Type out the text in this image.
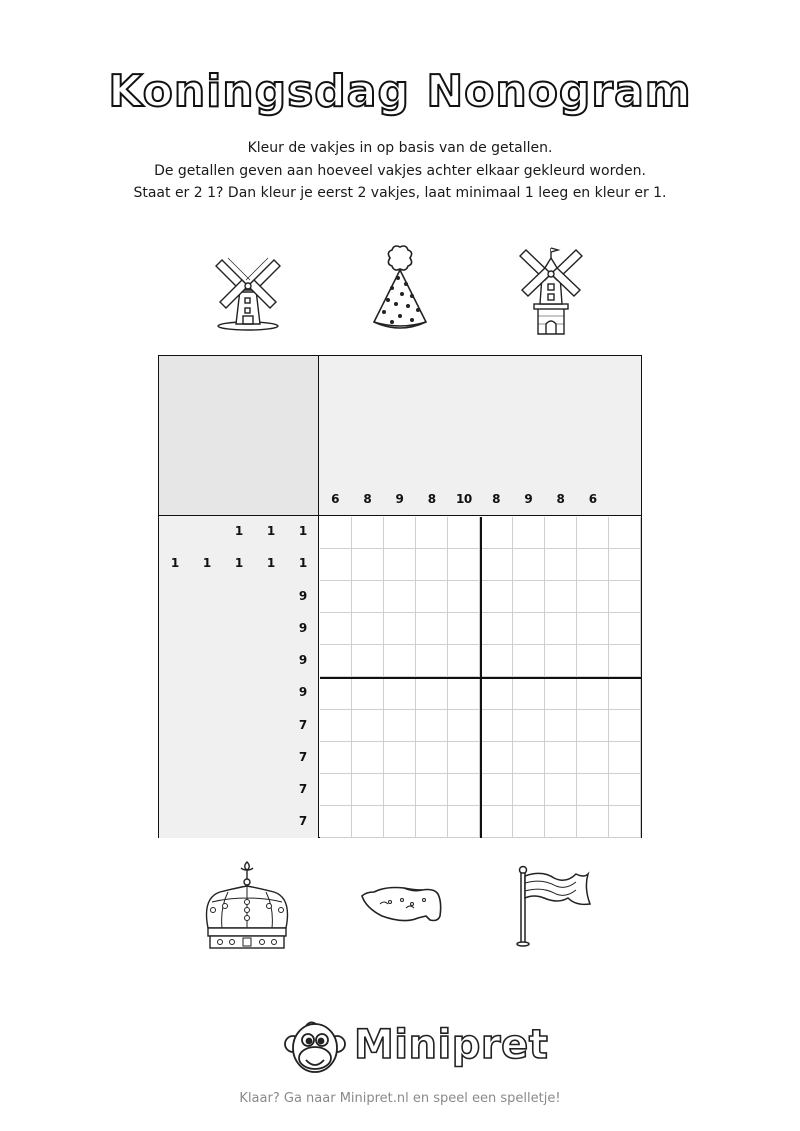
Koningsdag Nonogram
Kleur de vakjes in op basis van de getallen.
De getallen geven aan hoeveel vakjes achter elkaar gekleurd worden.
Staat er 2 1? Dan kleur je eerst 2 vakjes, laat minimaal 1 leeg en kleur er 1.
6	8	9	8	10	8	9	8	6
1	1	1
1	1	1	1	1
9
9
9
9
7
7
7
7
Minipret
Klaar? Ga naar Minipret.nl en speel een spelletje!
